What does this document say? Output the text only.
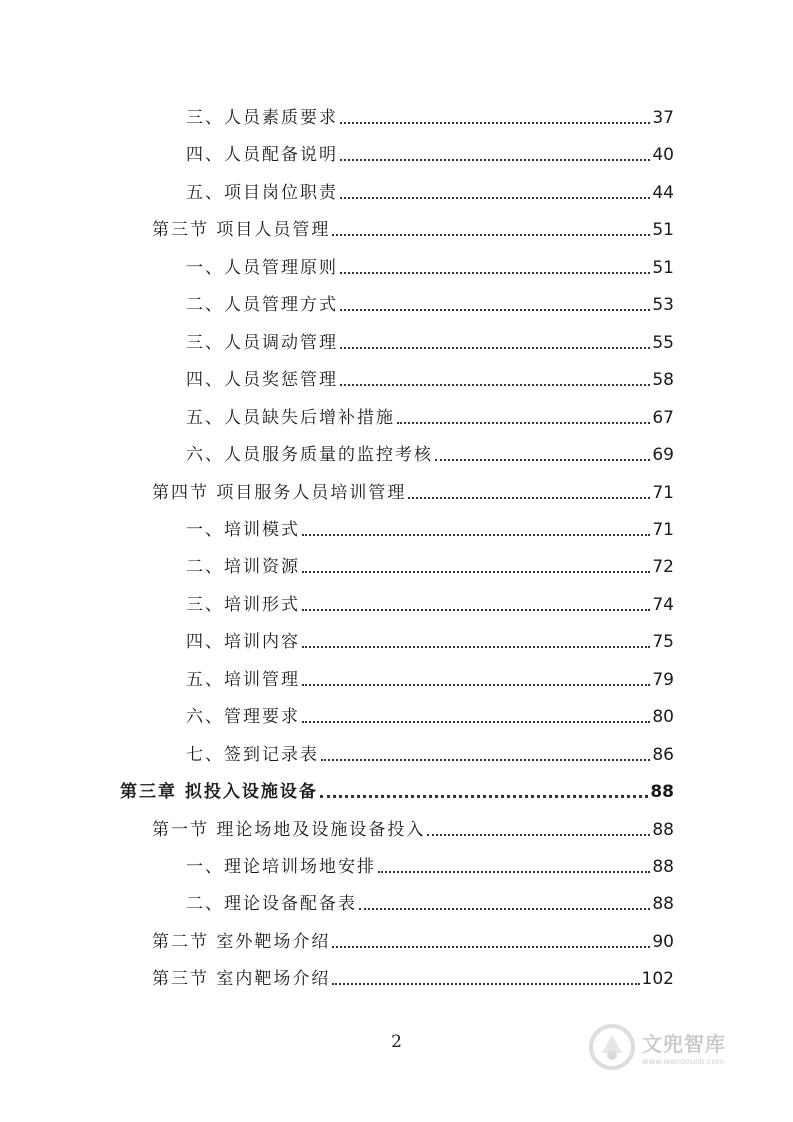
三、人员素质要求	37
四、人员配备说明	40
五、项目岗位职责	44
第三节 项目人员管理	51
一、人员管理原则	51
二、人员管理方式	53
三、人员调动管理	55
四、人员奖惩管理	58
五、人员缺失后增补措施	67
六、人员服务质量的监控考核	69
第四节 项目服务人员培训管理	71
一、培训模式	71
二、培训资源	72
三、培训形式	74
四、培训内容	75
五、培训管理	79
六、管理要求	80
七、签到记录表	86
第三章 拟投入设施设备	88
第一节 理论场地及设施设备投入	88
一、理论培训场地安排	88
二、理论设备配备表	88
第二节 室外靶场介绍	90
第三节 室内靶场介绍	102
2	文兜智库
www.wendoulib.com
